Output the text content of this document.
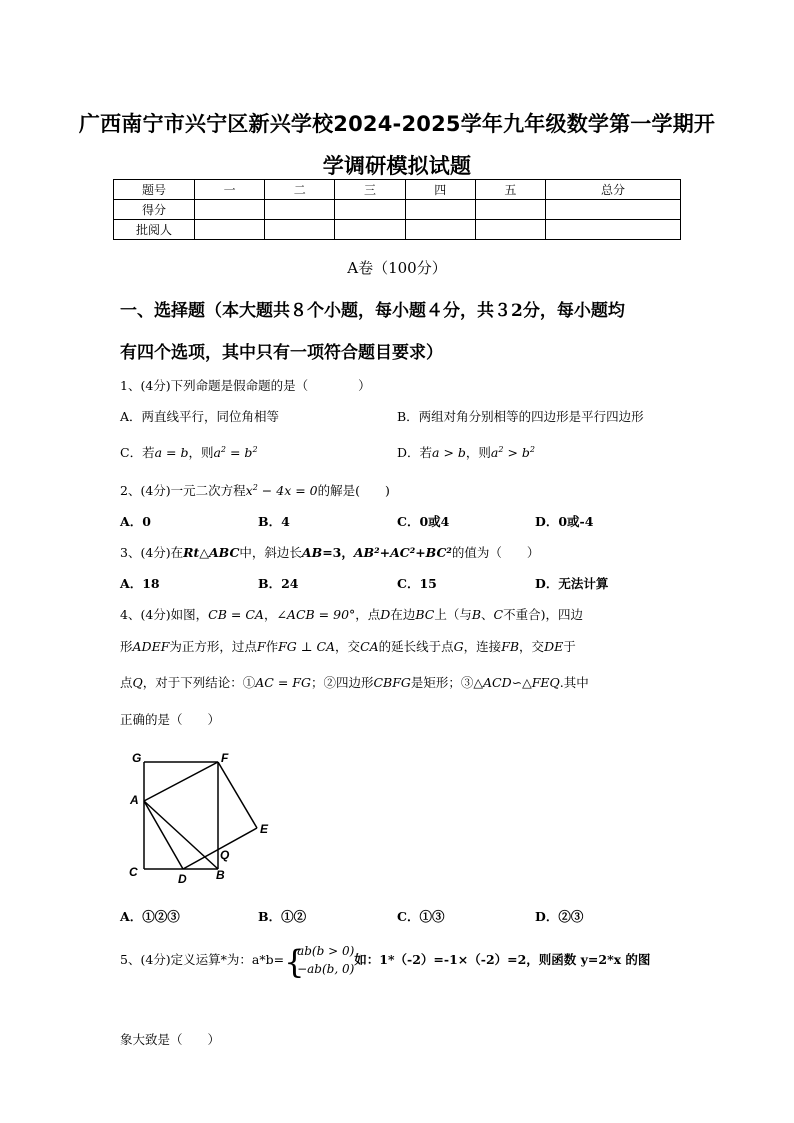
广西南宁市兴宁区新兴学校2024-2025学年九年级数学第一学期开
学调研模拟试题
题号	一	二	三	四	五	总分
得分						
批阅人						
A卷（100分）
一、选择题（本大题共８个小题，每小题４分，共３2分，每小题均
有四个选项，其中只有一项符合题目要求）
1、(4分)下列命题是假命题的是（　　　　）
A．两直线平行，同位角相等	B．两组对角分别相等的四边形是平行四边形
C．若a = b，则$a^2 = b^2$	D．若a > b，则$a^2 > b^2$
2、(4分)一元二次方程$x^2 - 4x = 0$的解是(　　)
A．0	B．4	C．0或4	D．0或-4
3、(4分)在Rt△ABC中，斜边长AB=3，AB²+AC²+BC²的值为（　　）
A．18	B．24	C．15	D．无法计算
4、(4分)如图，CB = CA，∠ACB = 90°，点D在边BC上（与B、C不重合)，四边
形ADEF为正方形，过点F作FG ⊥ CA，交CA的延长线于点G，连接FB，交DE于
点Q，对于下列结论：①AC = FG；②四边形CBFG是矩形；③△ACD∽△FEQ.其中
正确的是（　　）
G	F
A
E
Q
C	D B
A．①②③	B．①②	C．①③	D．②③
5、(4分)定义运算*为：a*b= {
ab(b > 0)
−ab(b, 0)
如：1*（-2）=-1×（-2）=2，则函数 y=2*x 的图
象大致是（　　）
